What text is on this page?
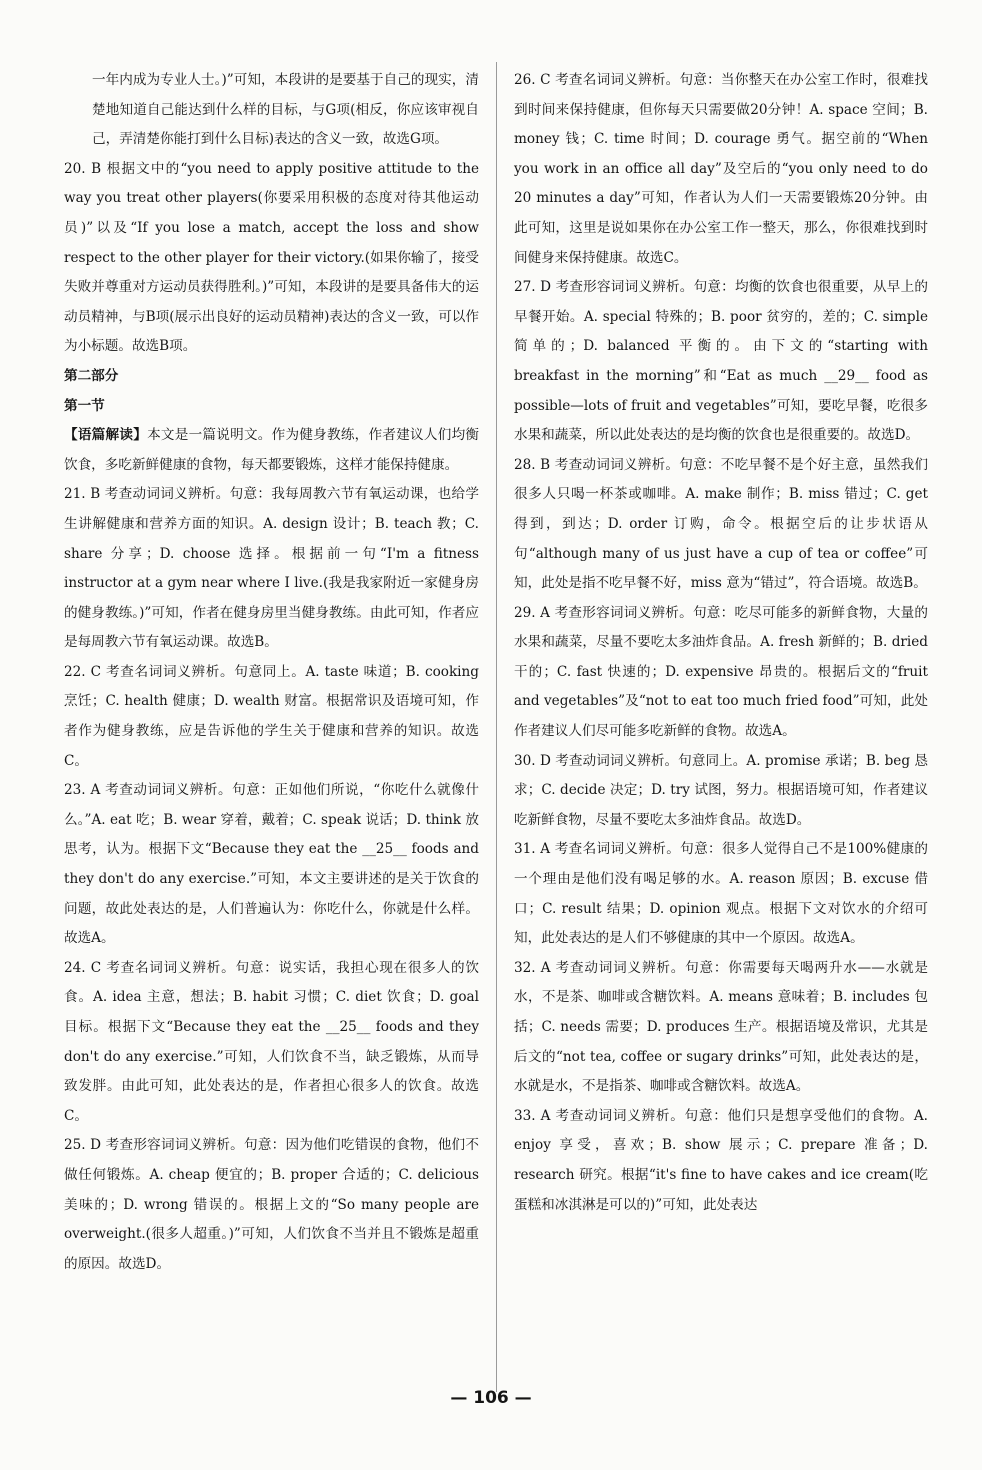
一年内成为专业人士。)”可知，本段讲的是要基于自己的现实，清楚地知道自己能达到什么样的目标，与G项(相反，你应该审视自己，弄清楚你能打到什么目标)表达的含义一致，故选G项。

20. B 根据文中的“you need to apply positive attitude to the way you treat other players(你要采用积极的态度对待其他运动员)”以及“If you lose a match, accept the loss and show respect to the other player for their victory.(如果你输了，接受失败并尊重对方运动员获得胜利。)”可知，本段讲的是要具备伟大的运动员精神，与B项(展示出良好的运动员精神)表达的含义一致，可以作为小标题。故选B项。

第二部分

第一节

【语篇解读】本文是一篇说明文。作为健身教练，作者建议人们均衡饮食，多吃新鲜健康的食物，每天都要锻炼，这样才能保持健康。

21. B 考查动词词义辨析。句意：我每周教六节有氧运动课，也给学生讲解健康和营养方面的知识。A. design 设计；B. teach 教；C. share 分享；D. choose 选择。根据前一句“I'm a fitness instructor at a gym near where I live.(我是我家附近一家健身房的健身教练。)”可知，作者在健身房里当健身教练。由此可知，作者应是每周教六节有氧运动课。故选B。

22. C 考查名词词义辨析。句意同上。A. taste 味道；B. cooking 烹饪；C. health 健康；D. wealth 财富。根据常识及语境可知，作者作为健身教练，应是告诉他的学生关于健康和营养的知识。故选C。

23. A 考查动词词义辨析。句意：正如他们所说，“你吃什么就像什么。”A. eat 吃；B. wear 穿着，戴着；C. speak 说话；D. think 放思考，认为。根据下文“Because they eat the __25__ foods and they don't do any exercise.”可知，本文主要讲述的是关于饮食的问题，故此处表达的是，人们普遍认为：你吃什么，你就是什么样。故选A。

24. C 考查名词词义辨析。句意：说实话，我担心现在很多人的饮食。A. idea 主意，想法；B. habit 习惯；C. diet 饮食；D. goal 目标。根据下文“Because they eat the __25__ foods and they don't do any exercise.”可知，人们饮食不当，缺乏锻炼，从而导致发胖。由此可知，此处表达的是，作者担心很多人的饮食。故选C。

25. D 考查形容词词义辨析。句意：因为他们吃错误的食物，他们不做任何锻炼。A. cheap 便宜的；B. proper 合适的；C. delicious 美味的；D. wrong 错误的。根据上文的“So many people are overweight.(很多人超重。)”可知，人们饮食不当并且不锻炼是超重的原因。故选D。

26. C 考查名词词义辨析。句意：当你整天在办公室工作时，很难找到时间来保持健康，但你每天只需要做20分钟！A. space 空间；B. money 钱；C. time 时间；D. courage 勇气。据空前的“When you work in an office all day”及空后的“you only need to do 20 minutes a day”可知，作者认为人们一天需要锻炼20分钟。由此可知，这里是说如果你在办公室工作一整天，那么，你很难找到时间健身来保持健康。故选C。

27. D 考查形容词词义辨析。句意：均衡的饮食也很重要，从早上的早餐开始。A. special 特殊的；B. poor 贫穷的，差的；C. simple 简单的；D. balanced 平衡的。由下文的“starting with breakfast in the morning”和“Eat as much __29__ food as possible—lots of fruit and vegetables”可知，要吃早餐，吃很多水果和蔬菜，所以此处表达的是均衡的饮食也是很重要的。故选D。

28. B 考查动词词义辨析。句意：不吃早餐不是个好主意，虽然我们很多人只喝一杯茶或咖啡。A. make 制作；B. miss 错过；C. get 得到，到达；D. order 订购，命令。根据空后的让步状语从句“although many of us just have a cup of tea or coffee”可知，此处是指不吃早餐不好，miss 意为“错过”，符合语境。故选B。

29. A 考查形容词词义辨析。句意：吃尽可能多的新鲜食物，大量的水果和蔬菜，尽量不要吃太多油炸食品。A. fresh 新鲜的；B. dried 干的；C. fast 快速的；D. expensive 昂贵的。根据后文的“fruit and vegetables”及“not to eat too much fried food”可知，此处作者建议人们尽可能多吃新鲜的食物。故选A。

30. D 考查动词词义辨析。句意同上。A. promise 承诺；B. beg 恳求；C. decide 决定；D. try 试图，努力。根据语境可知，作者建议吃新鲜食物，尽量不要吃太多油炸食品。故选D。

31. A 考查名词词义辨析。句意：很多人觉得自己不是100%健康的一个理由是他们没有喝足够的水。A. reason 原因；B. excuse 借口；C. result 结果；D. opinion 观点。根据下文对饮水的介绍可知，此处表达的是人们不够健康的其中一个原因。故选A。

32. A 考查动词词义辨析。句意：你需要每天喝两升水——水就是水，不是茶、咖啡或含糖饮料。A. means 意味着；B. includes 包括；C. needs 需要；D. produces 生产。根据语境及常识，尤其是后文的“not tea, coffee or sugary drinks”可知，此处表达的是，水就是水，不是指茶、咖啡或含糖饮料。故选A。

33. A 考查动词词义辨析。句意：他们只是想享受他们的食物。A. enjoy 享受，喜欢；B. show 展示；C. prepare 准备；D. research 研究。根据“it's fine to have cakes and ice cream(吃蛋糕和冰淇淋是可以的)”可知，此处表达

— 106 —
